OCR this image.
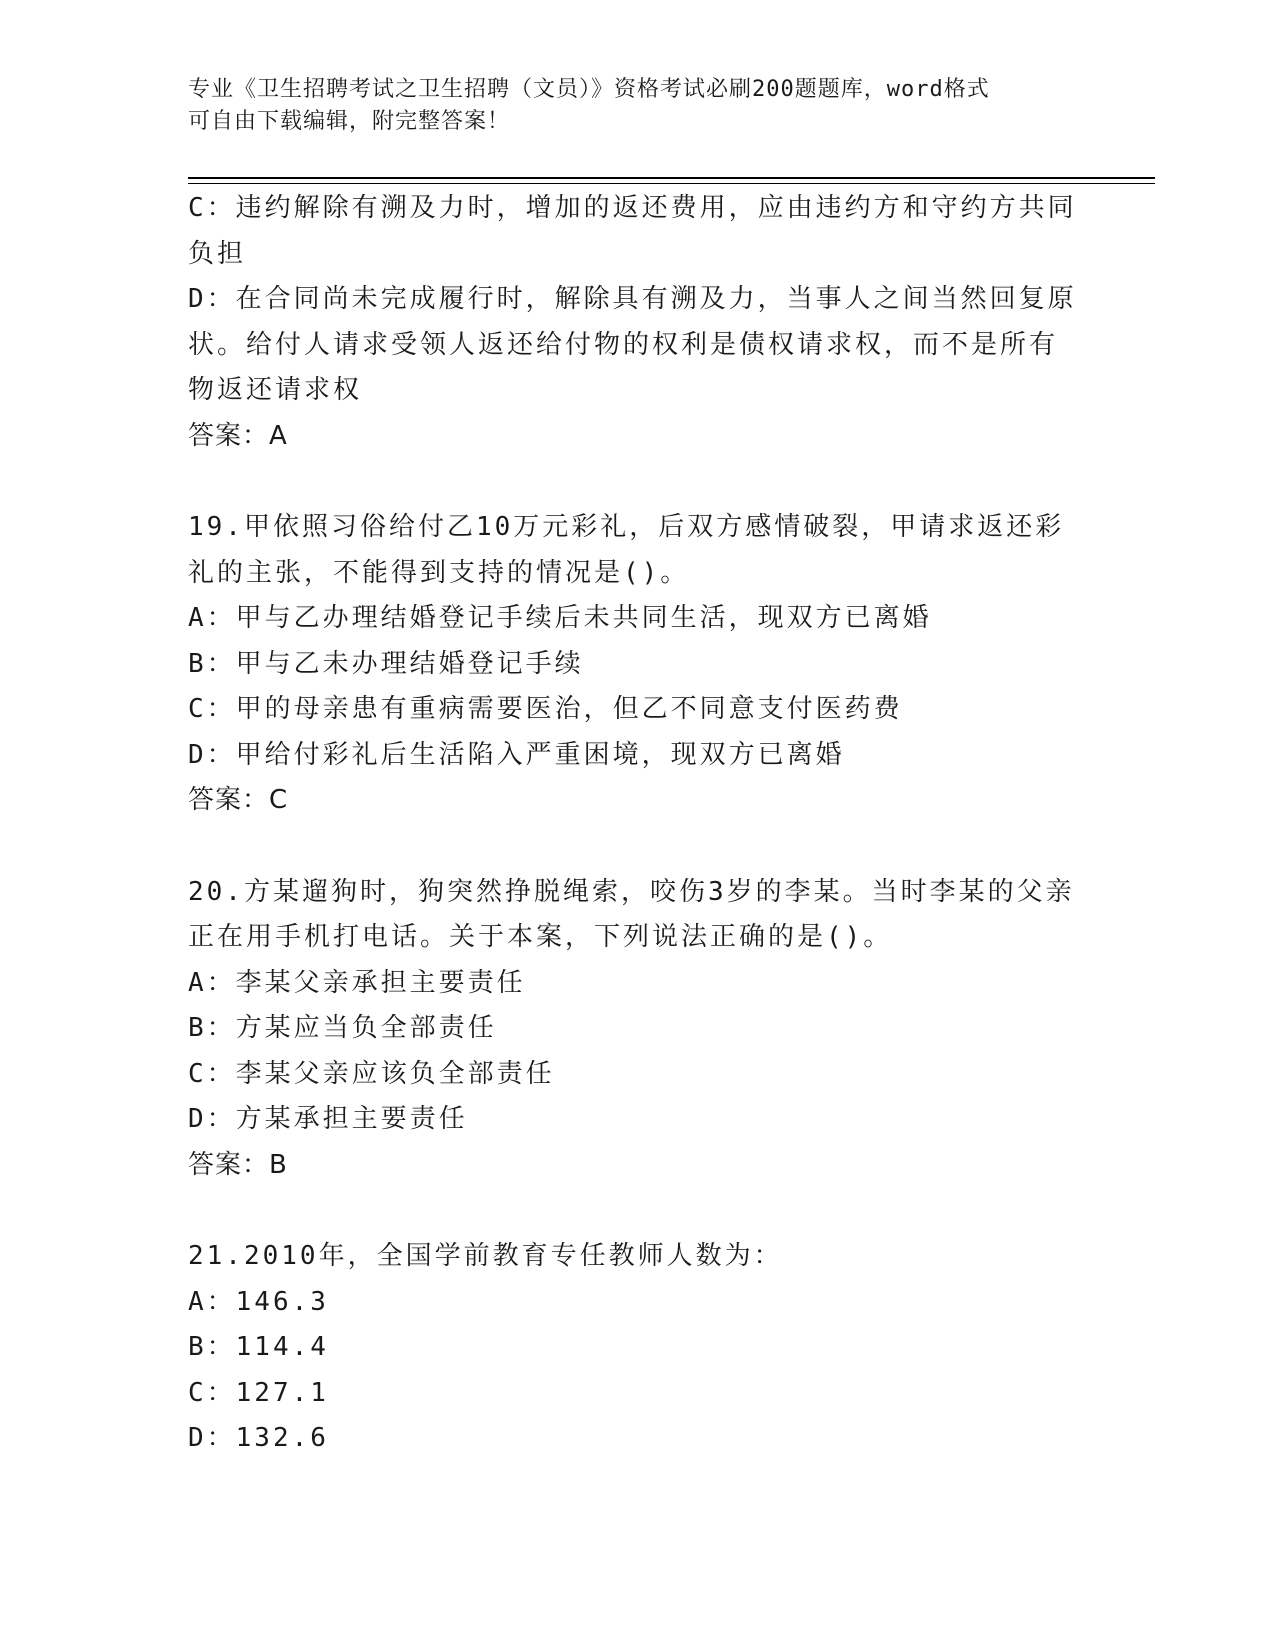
专业《卫生招聘考试之卫生招聘（文员）》资格考试必刷200题题库，word格式
可自由下载编辑，附完整答案！

C：违约解除有溯及力时，增加的返还费用，应由违约方和守约方共同

负担

D：在合同尚未完成履行时，解除具有溯及力，当事人之间当然回复原

状。给付人请求受领人返还给付物的权利是债权请求权，而不是所有

物返还请求权

答案：A

19.甲依照习俗给付乙10万元彩礼，后双方感情破裂，甲请求返还彩

礼的主张，不能得到支持的情况是()。

A：甲与乙办理结婚登记手续后未共同生活，现双方已离婚

B：甲与乙未办理结婚登记手续

C：甲的母亲患有重病需要医治，但乙不同意支付医药费

D：甲给付彩礼后生活陷入严重困境，现双方已离婚

答案：C

20.方某遛狗时，狗突然挣脱绳索，咬伤3岁的李某。当时李某的父亲

正在用手机打电话。关于本案，下列说法正确的是()。

A：李某父亲承担主要责任

B：方某应当负全部责任

C：李某父亲应该负全部责任

D：方某承担主要责任

答案：B

21.2010年，全国学前教育专任教师人数为：

A：146.3

B：114.4

C：127.1

D：132.6
